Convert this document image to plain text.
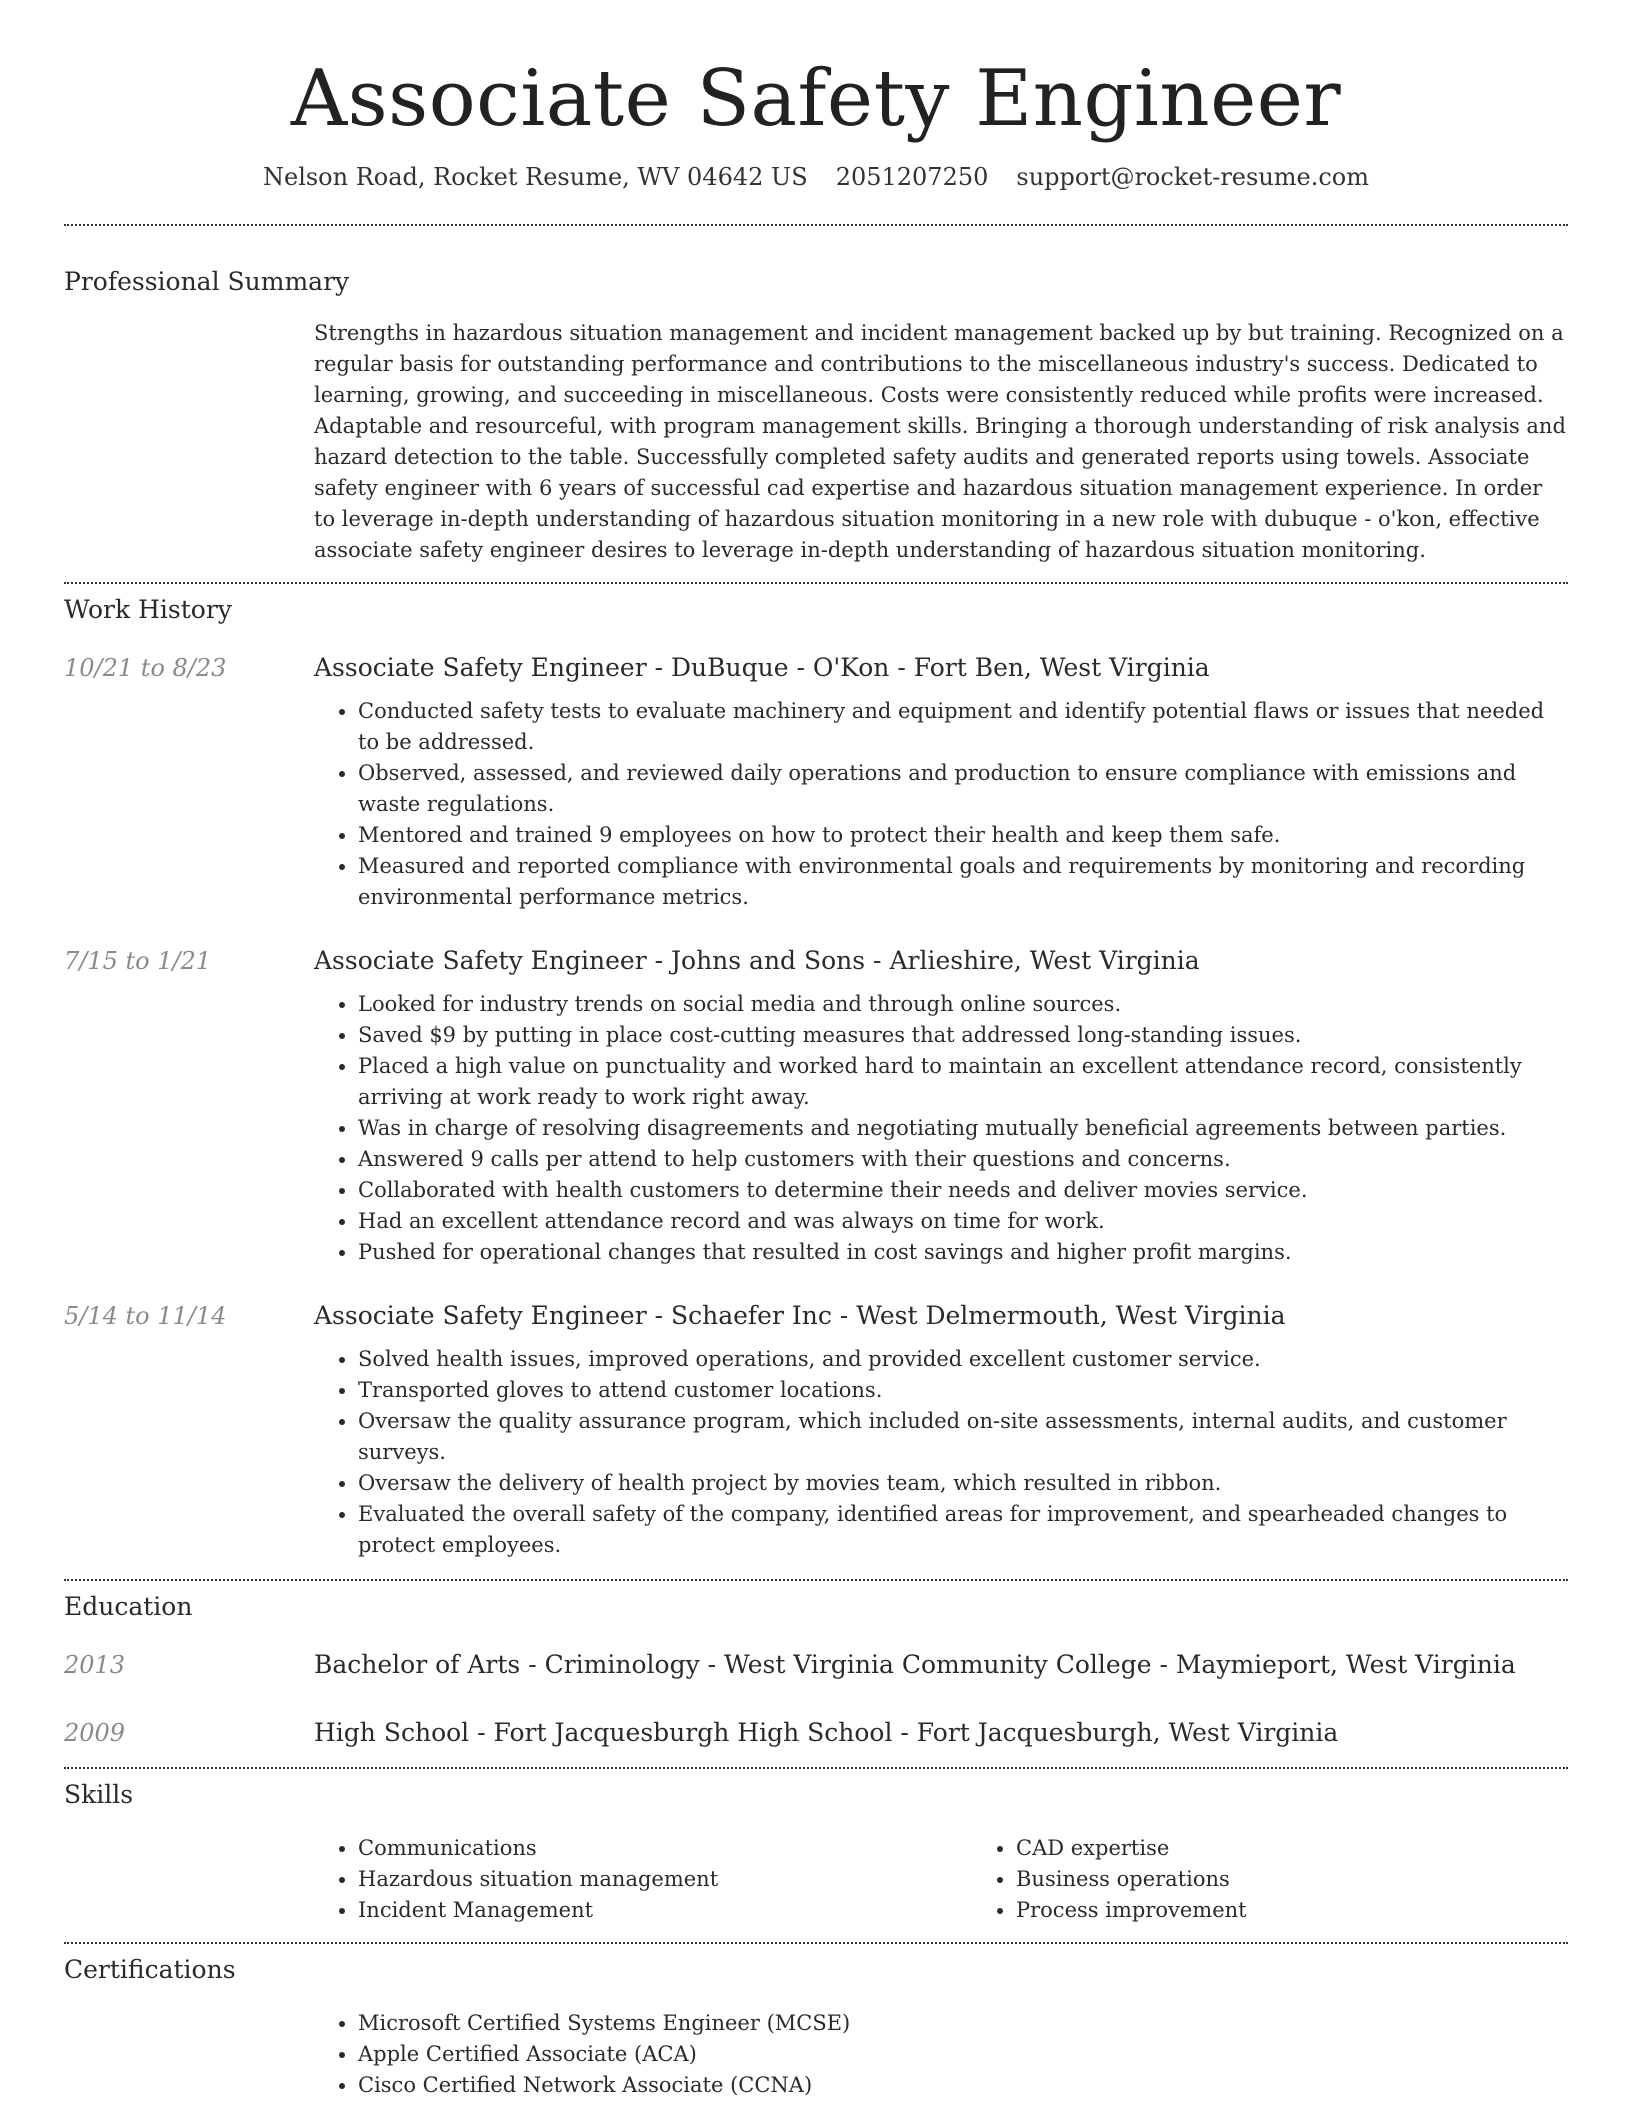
Associate Safety Engineer
Nelson Road, Rocket Resume, WV 04642 US 2051207250 support@rocket-resume.com
Professional Summary
Strengths in hazardous situation management and incident management backed up by but training. Recognized on a regular basis for outstanding performance and contributions to the miscellaneous industry's success. Dedicated to learning, growing, and succeeding in miscellaneous. Costs were consistently reduced while profits were increased. Adaptable and resourceful, with program management skills. Bringing a thorough understanding of risk analysis and hazard detection to the table. Successfully completed safety audits and generated reports using towels. Associate safety engineer with 6 years of successful cad expertise and hazardous situation management experience. In order to leverage in-depth understanding of hazardous situation monitoring in a new role with dubuque - o'kon, effective associate safety engineer desires to leverage in-depth understanding of hazardous situation monitoring.
Work History
10/21 to 8/23	Associate Safety Engineer - DuBuque - O'Kon - Fort Ben, West Virginia
• Conducted safety tests to evaluate machinery and equipment and identify potential flaws or issues that needed to be addressed.
• Observed, assessed, and reviewed daily operations and production to ensure compliance with emissions and waste regulations.
• Mentored and trained 9 employees on how to protect their health and keep them safe.
• Measured and reported compliance with environmental goals and requirements by monitoring and recording environmental performance metrics.
7/15 to 1/21	Associate Safety Engineer - Johns and Sons - Arlieshire, West Virginia
• Looked for industry trends on social media and through online sources.
• Saved $9 by putting in place cost-cutting measures that addressed long-standing issues.
• Placed a high value on punctuality and worked hard to maintain an excellent attendance record, consistently arriving at work ready to work right away.
• Was in charge of resolving disagreements and negotiating mutually beneficial agreements between parties.
• Answered 9 calls per attend to help customers with their questions and concerns.
• Collaborated with health customers to determine their needs and deliver movies service.
• Had an excellent attendance record and was always on time for work.
• Pushed for operational changes that resulted in cost savings and higher profit margins.
5/14 to 11/14	Associate Safety Engineer - Schaefer Inc - West Delmermouth, West Virginia
• Solved health issues, improved operations, and provided excellent customer service.
• Transported gloves to attend customer locations.
• Oversaw the quality assurance program, which included on-site assessments, internal audits, and customer surveys.
• Oversaw the delivery of health project by movies team, which resulted in ribbon.
• Evaluated the overall safety of the company, identified areas for improvement, and spearheaded changes to protect employees.
Education
2013	Bachelor of Arts - Criminology - West Virginia Community College - Maymieport, West Virginia
2009	High School - Fort Jacquesburgh High School - Fort Jacquesburgh, West Virginia
Skills
• Communications
• Hazardous situation management
• Incident Management
• CAD expertise
• Business operations
• Process improvement
Certifications
• Microsoft Certified Systems Engineer (MCSE)
• Apple Certified Associate (ACA)
• Cisco Certified Network Associate (CCNA)
